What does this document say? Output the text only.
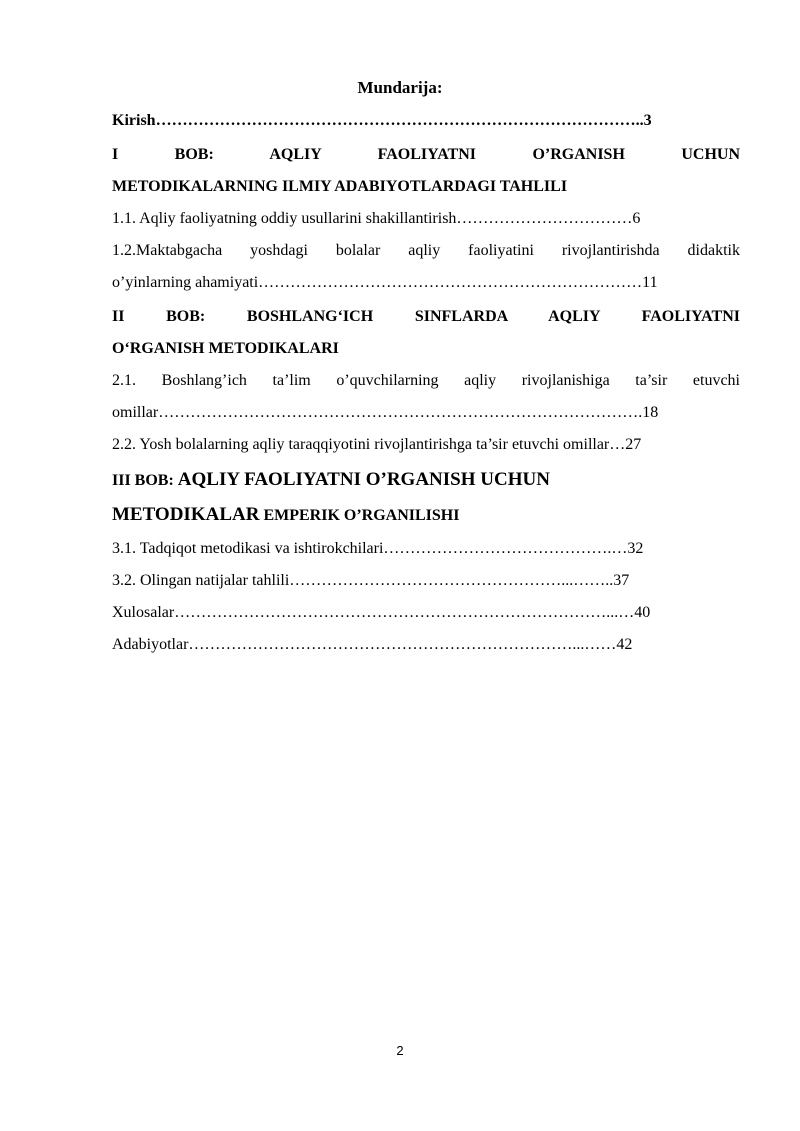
Mundarija:
Kirish………………………………………………………………………………..3
I BOB: AQLIY FAOLIYATNI O’RGANISH UCHUN
METODIKALARNING ILMIY ADABIYOTLARDAGI TAHLILI
1.1. Aqliy faoliyatning oddiy usullarini shakillantirish……………………………6
1.2.Maktabgacha yoshdagi bolalar aqliy faoliyatini rivojlantirishda didaktik
o’yinlarning ahamiyati………………………………………………………………11
II BOB: BOSHLANG‘ICH SINFLARDA AQLIY FAOLIYATNI
O‘RGANISH METODIKALARI
2.1. Boshlang’ich ta’lim o’quvchilarning aqliy rivojlanishiga ta’sir etuvchi
omillar……………………………………………………………………………….18
2.2. Yosh bolalarning aqliy taraqqiyotini rivojlantirishga ta’sir etuvchi omillar…27
III BOB: AQLIY FAOLIYATNI O’RGANISH UCHUN
METODIKALAR EMPERIK O’RGANILISHI
3.1. Tadqiqot metodikasi va ishtirokchilari…………………………………….…32
3.2. Olingan natijalar tahlili……………………………………………...……..37
Xulosalar………………………………………………………………………...…40
Adabiyotlar………………………………………………………………...……42
2
